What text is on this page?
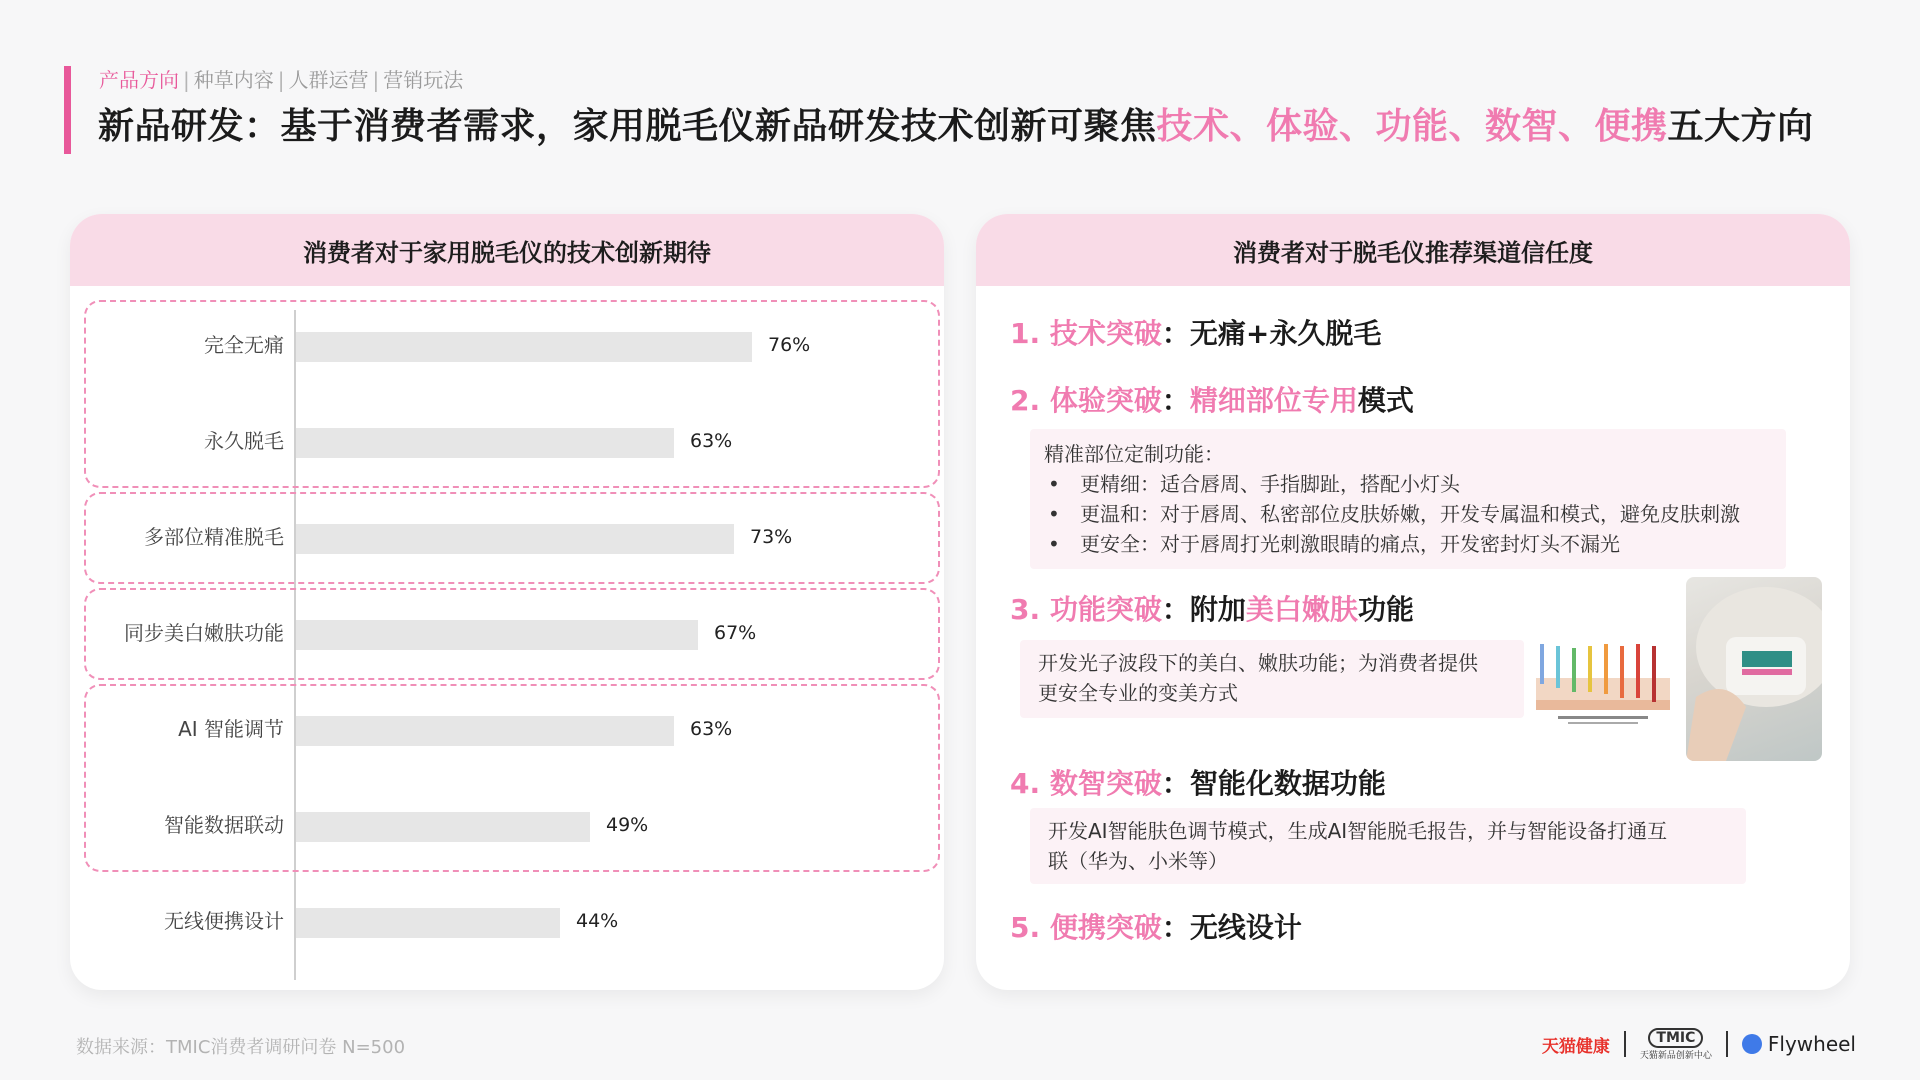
产品方向 | 种草内容 | 人群运营 | 营销玩法
新品研发：基于消费者需求，家用脱毛仪新品研发技术创新可聚焦技术、体验、功能、数智、便携五大方向
消费者对于家用脱毛仪的技术创新期待
完全无痛	76%
永久脱毛	63%
多部位精准脱毛	73%
同步美白嫩肤功能	67%
AI 智能调节	63%
智能数据联动	49%
无线便携设计	44%
消费者对于脱毛仪推荐渠道信任度
1. 技术突破：无痛+永久脱毛
2. 体验突破：精细部位专用模式
精准部位定制功能：
• 更精细：适合唇周、手指脚趾，搭配小灯头
• 更温和：对于唇周、私密部位皮肤娇嫩，开发专属温和模式，避免皮肤刺激
• 更安全：对于唇周打光刺激眼睛的痛点，开发密封灯头不漏光
3. 功能突破：附加美白嫩肤功能
开发光子波段下的美白、嫩肤功能；为消费者提供
更安全专业的变美方式
4. 数智突破：智能化数据功能
开发AI智能肤色调节模式，生成AI智能脱毛报告，并与智能设备打通互
联（华为、小米等）
5. 便携突破：无线设计
数据来源：TMIC消费者调研问卷 N=500	天猫健康	TMIC
天猫新品创新中心	Flywheel
